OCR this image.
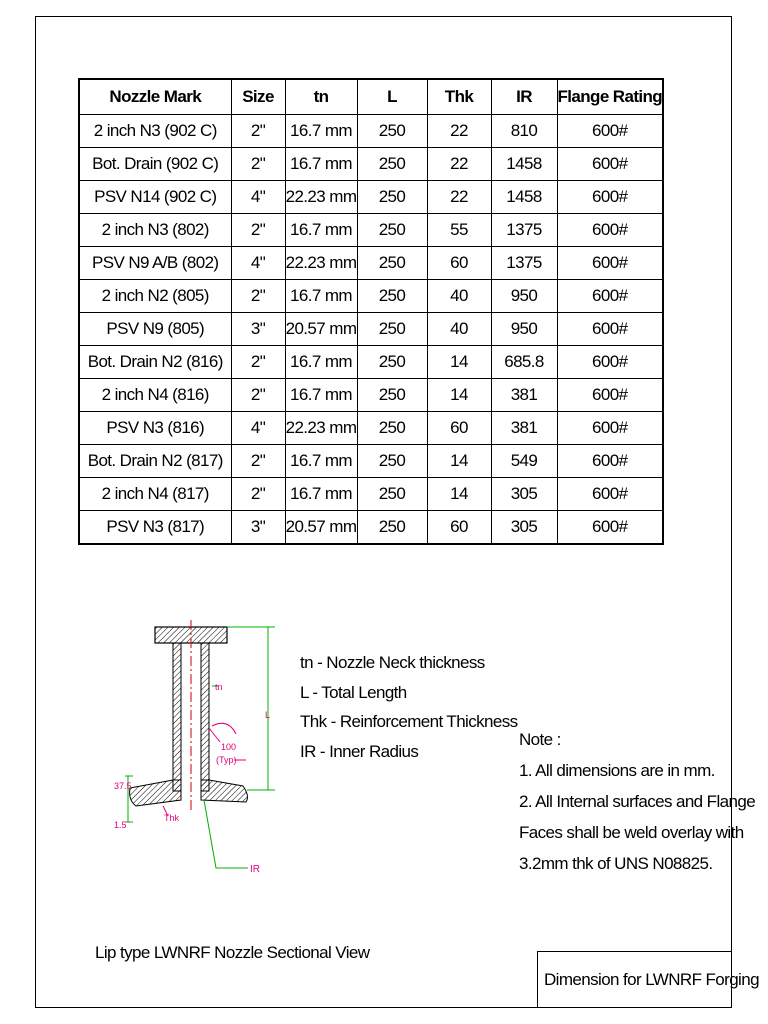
Nozzle Mark	Size	tn	L	Thk	IR	Flange Rating
2 inch N3 (902 C)	2"	16.7 mm	250	22	810	600#
Bot. Drain (902 C)	2"	16.7 mm	250	22	1458	600#
PSV N14 (902 C)	4"	22.23 mm	250	22	1458	600#
2 inch N3 (802)	2"	16.7 mm	250	55	1375	600#
PSV N9 A/B (802)	4"	22.23 mm	250	60	1375	600#
2 inch N2 (805)	2"	16.7 mm	250	40	950	600#
PSV N9 (805)	3"	20.57 mm	250	40	950	600#
Bot. Drain N2 (816)	2"	16.7 mm	250	14	685.8	600#
2 inch N4 (816)	2"	16.7 mm	250	14	381	600#
PSV N3 (816)	4"	22.23 mm	250	60	381	600#
Bot. Drain N2 (817)	2"	16.7 mm	250	14	549	600#
2 inch N4 (817)	2"	16.7 mm	250	14	305	600#
PSV N3 (817)	3"	20.57 mm	250	60	305	600#
tn
L
100
(Typ)
37.5
1.5
Thk
IR
tn - Nozzle Neck thickness
L - Total Length
Thk - Reinforcement Thickness
IR - Inner Radius
Note :
1. All dimensions are in mm.
2. All Internal surfaces and Flange
Faces shall be weld overlay with
3.2mm thk of UNS N08825.
Lip type LWNRF Nozzle Sectional View
Dimension for LWNRF Forging
